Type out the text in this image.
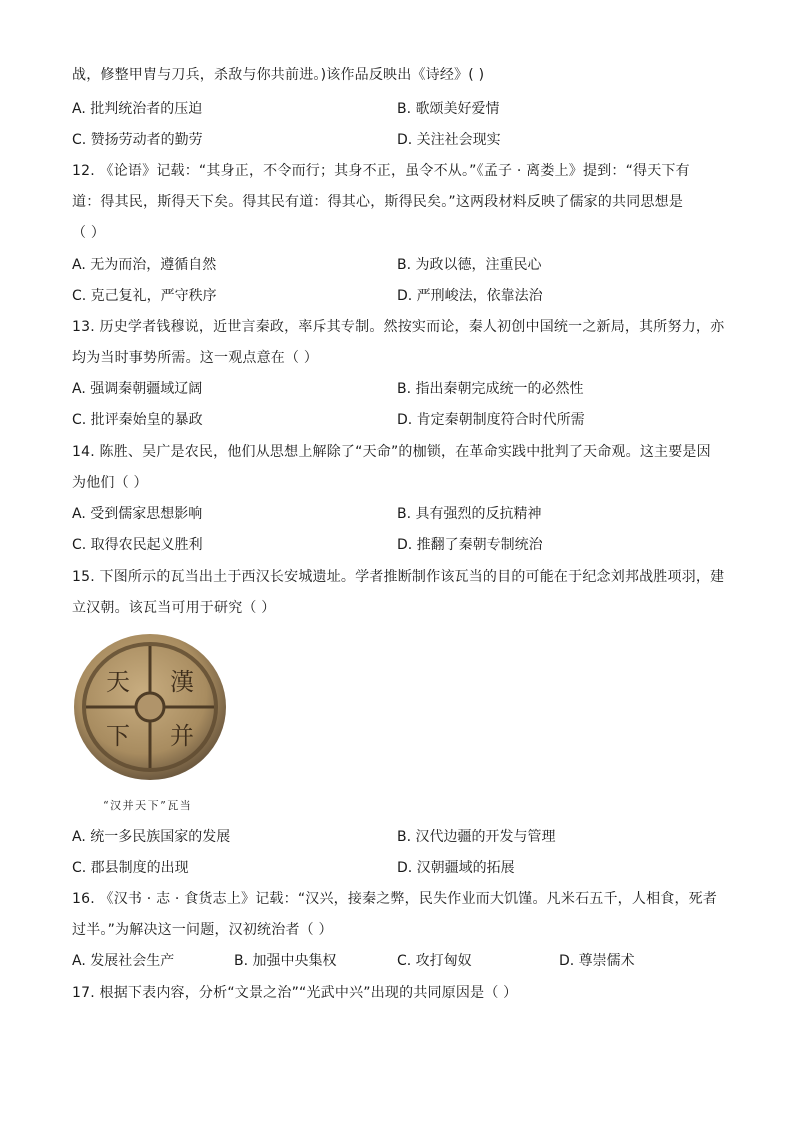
战，修整甲胄与刀兵，杀敌与你共前进。)该作品反映出《诗经》( )
A. 批判统治者的压迫	B. 歌颂美好爱情
C. 赞扬劳动者的勤劳	D. 关注社会现实
12. 《论语》记载：“其身正，不令而行；其身不正，虽令不从。”《孟子 · 离娄上》提到：“得天下有
道：得其民，斯得天下矣。得其民有道：得其心，斯得民矣。”这两段材料反映了儒家的共同思想是
（ ）
A. 无为而治，遵循自然	B. 为政以德，注重民心
C. 克己复礼，严守秩序	D. 严刑峻法，依靠法治
13. 历史学者钱穆说，近世言秦政，率斥其专制。然按实而论，秦人初创中国统一之新局，其所努力，亦
均为当时事势所需。这一观点意在（ ）
A. 强调秦朝疆域辽阔	B. 指出秦朝完成统一的必然性
C. 批评秦始皇的暴政	D. 肯定秦朝制度符合时代所需
14. 陈胜、吴广是农民，他们从思想上解除了“天命”的枷锁，在革命实践中批判了天命观。这主要是因
为他们（ ）
A. 受到儒家思想影响	B. 具有强烈的反抗精神
C. 取得农民起义胜利	D. 推翻了秦朝专制统治
15. 下图所示的瓦当出土于西汉长安城遗址。学者推断制作该瓦当的目的可能在于纪念刘邦战胜项羽，建
立汉朝。该瓦当可用于研究（ ）
漢
并
天
下
“汉并天下”瓦当
A. 统一多民族国家的发展	B. 汉代边疆的开发与管理
C. 郡县制度的出现	D. 汉朝疆域的拓展
16. 《汉书 · 志 · 食货志上》记载：“汉兴，接秦之弊，民失作业而大饥馑。凡米石五千，人相食，死者
过半。”为解决这一问题，汉初统治者（ ）
A. 发展社会生产	B. 加强中央集权	C. 攻打匈奴	D. 尊崇儒术
17. 根据下表内容，分析“文景之治”“光武中兴”出现的共同原因是（ ）
